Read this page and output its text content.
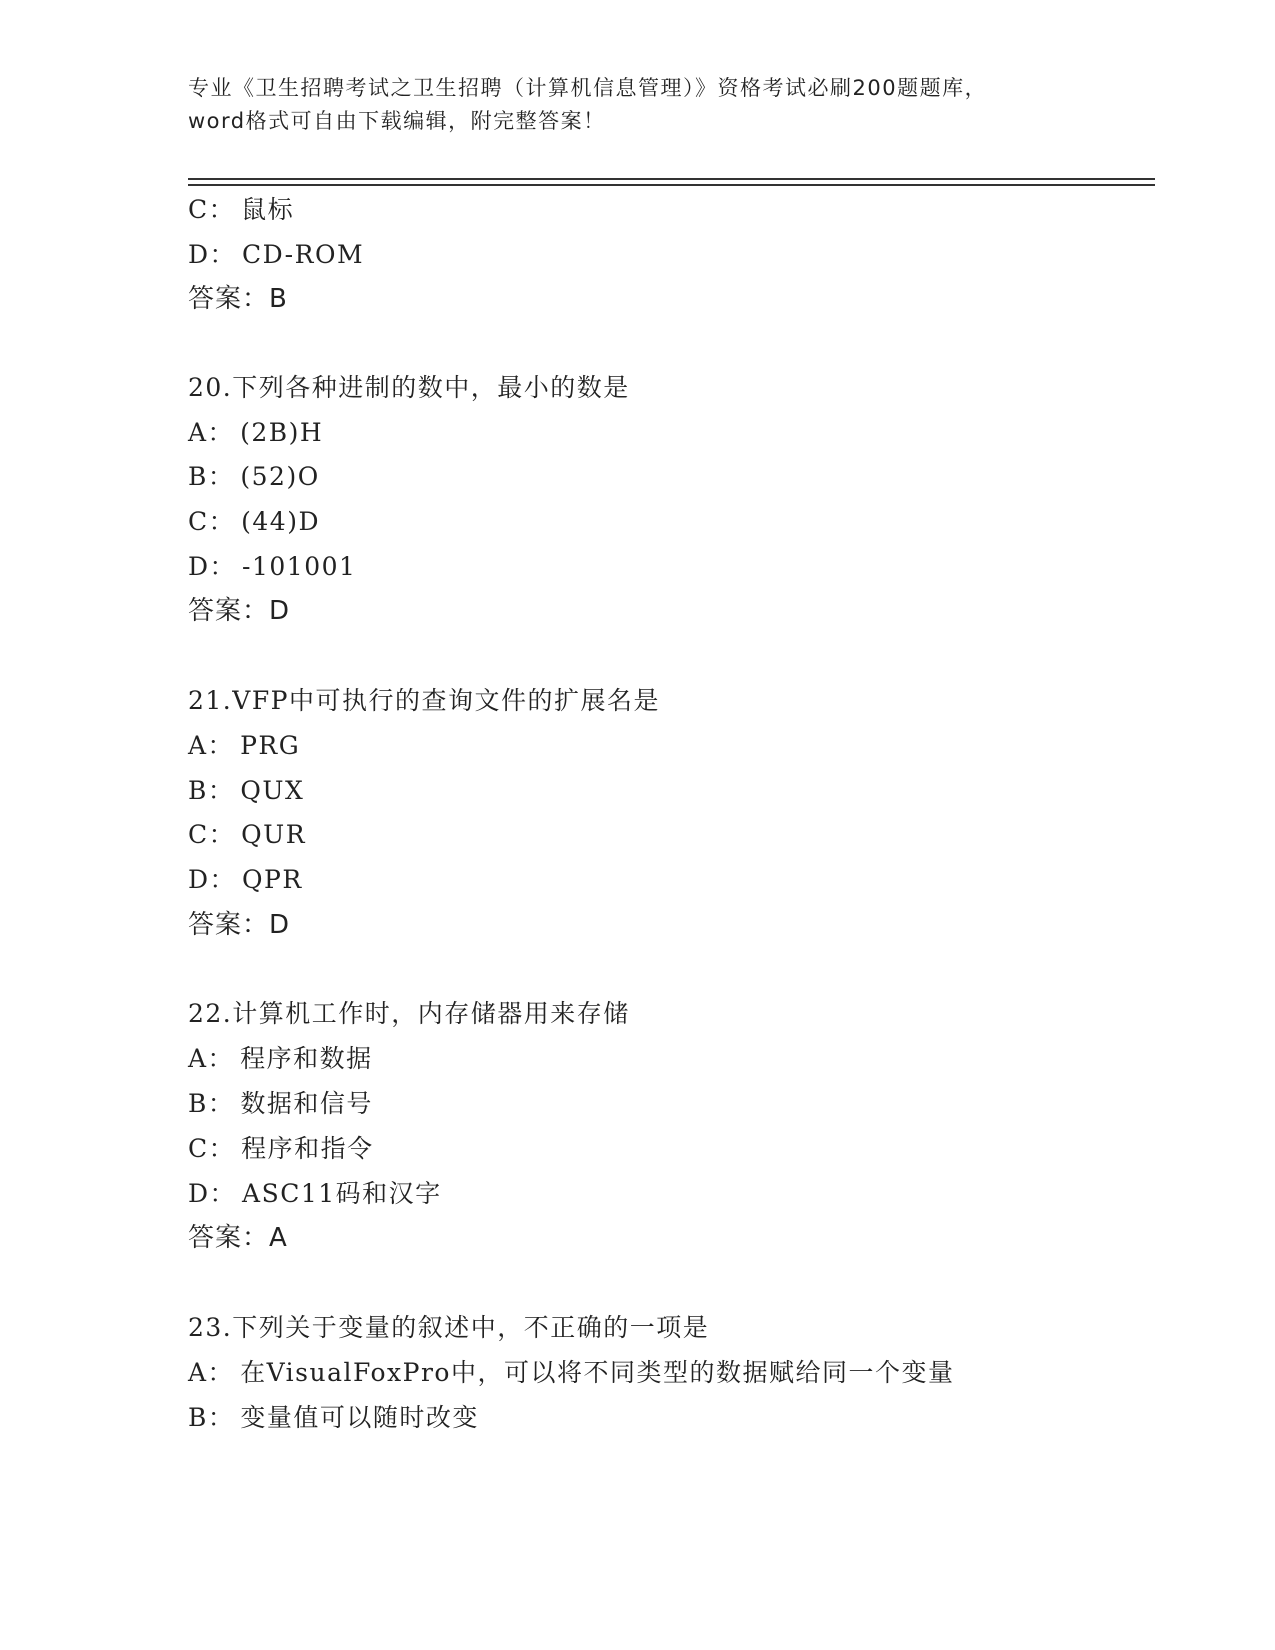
专业《卫生招聘考试之卫生招聘（计算机信息管理）》资格考试必刷200题题库，
word格式可自由下载编辑，附完整答案！
C： 鼠标
D： CD-ROM
答案：B
20.下列各种进制的数中，最小的数是
A： (2B)H
B： (52)O
C： (44)D
D： -101001
答案：D
21.VFP中可执行的查询文件的扩展名是
A： PRG
B： QUX
C： QUR
D： QPR
答案：D
22.计算机工作时，内存储器用来存储
A： 程序和数据
B： 数据和信号
C： 程序和指令
D： ASC11码和汉字
答案：A
23.下列关于变量的叙述中，不正确的一项是
A： 在VisualFoxPro中，可以将不同类型的数据赋给同一个变量
B： 变量值可以随时改变
